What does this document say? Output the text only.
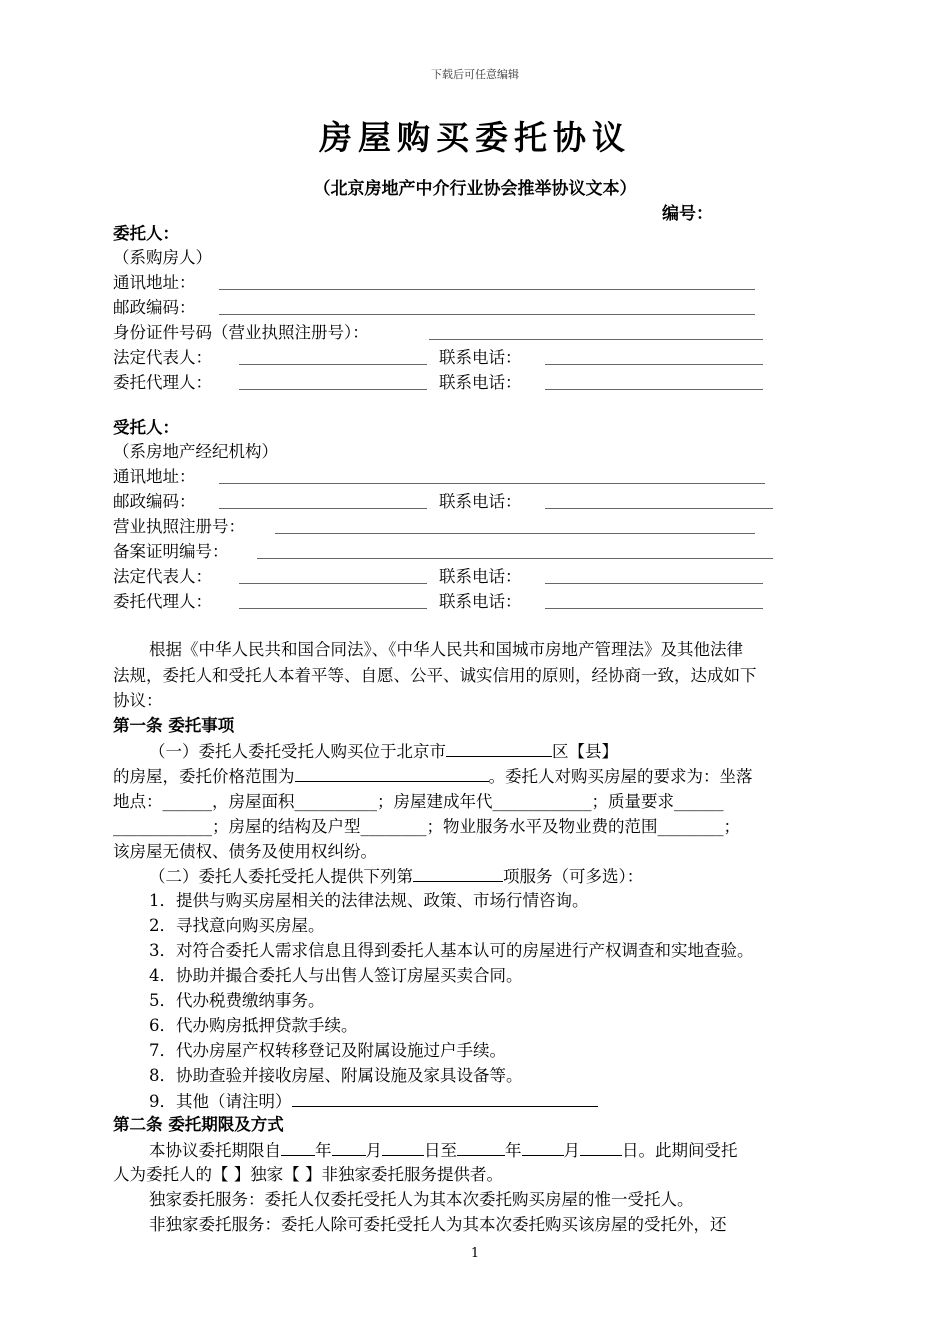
下载后可任意编辑
房屋购买委托协议
（北京房地产中介行业协会推举协议文本）
编号：
委托人：
（系购房人）
通讯地址：
邮政编码：
身份证件号码（营业执照注册号）：
法定代表人：	联系电话：
委托代理人：	联系电话：
受托人：
（系房地产经纪机构）
通讯地址：
邮政编码：	联系电话：
营业执照注册号：
备案证明编号：
法定代表人：	联系电话：
委托代理人：	联系电话：
根据《中华人民共和国合同法》、《中华人民共和国城市房地产管理法》及其他法律
法规，委托人和受托人本着平等、自愿、公平、诚实信用的原则，经协商一致，达成如下
协议：
第一条 委托事项
（一）委托人委托受托人购买位于北京市	区【县】
的房屋，委托价格范围为	。委托人对购买房屋的要求为：坐落
地点：______，房屋面积__________；房屋建成年代____________；质量要求______
____________；房屋的结构及户型________；物业服务水平及物业费的范围________；
该房屋无债权、债务及使用权纠纷。
（二）委托人委托受托人提供下列第	项服务（可多选）：
1．提供与购买房屋相关的法律法规、政策、市场行情咨询。
2．寻找意向购买房屋。
3．对符合委托人需求信息且得到委托人基本认可的房屋进行产权调查和实地查验。
4．协助并撮合委托人与出售人签订房屋买卖合同。
5．代办税费缴纳事务。
6．代办购房抵押贷款手续。
7．代办房屋产权转移登记及附属设施过户手续。
8．协助查验并接收房屋、附属设施及家具设备等。
9．其他（请注明）
第二条 委托期限及方式
本协议委托期限自 年 月	日至	年	月	日。此期间受托
人为委托人的【 】独家【 】非独家委托服务提供者。
独家委托服务：委托人仅委托受托人为其本次委托购买房屋的惟一受托人。
非独家委托服务：委托人除可委托受托人为其本次委托购买该房屋的受托外，还
1
